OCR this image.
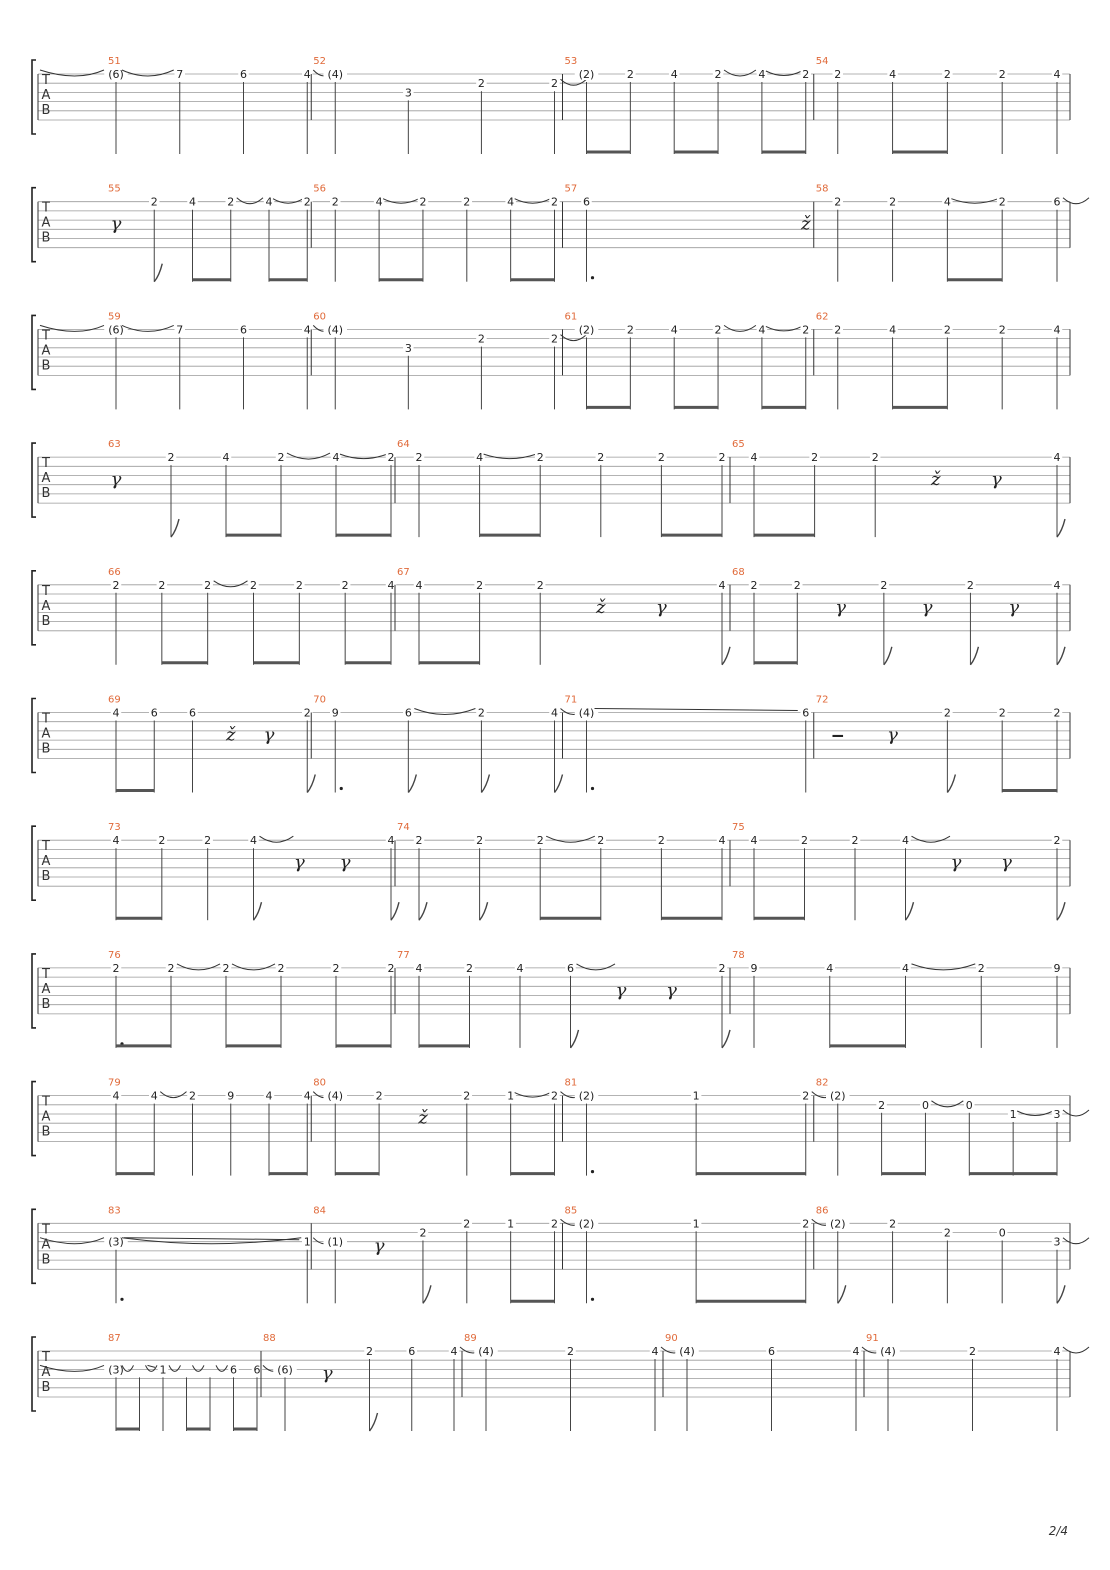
T
A
B
51
(6)	7	6	4
52
(4)
3
2	2
53
(2)	2	4	2	4	2
54
2	4	2	2	4
T
A
B
55
γ
2	4	2	4	2
56
2	4	2	2	4	2
57
6
ž
58
2	2	4	2	6
T
A
B
59
(6)	7	6	4
60
(4)
3
2	2
61
(2)	2	4	2	4	2
62
2	4	2	2	4
T
A
B
63
γ
2	4	2	4	2
64
2	4	2	2	2	2
65
4	2	2
ž	γ
4
T
A
B
66
2	2	2	2	2	2	4
67
4	2	2
ž	γ
4
68
2	2
γ
2
γ
2
γ
4
T
A
B
69
4	6	6
ž γ
2
70
9	6	2	4
71
(4)	6
72
‒ γ
2	2	2
T
A
B
73
4	2	2	4
γ γ
4
74
2	2	2	2	2	4
75
4	2	2	4
γ γ
2
T
A
B
76
2	2	2	2	2	2
77
4	2	4	6
γ γ
2
78
9	4	4	2	9
T
A
B
79
4	4	2	9	4	4
80
(4)	2
ž
2	1	2
81
(2)	1	2
82
(2)
2	0	0
1	3
T
A
B
83
(3)	1
84
(1) γ
2
2	1	2
85
(2)	1	2
86
(2)	2
2	0
3
T
A
B
87
(3)	1	6 6
88
(6) γ
2	6	4
89
(4)	2	4
90
(4)	6	4
91
(4)	2	4
2/4
